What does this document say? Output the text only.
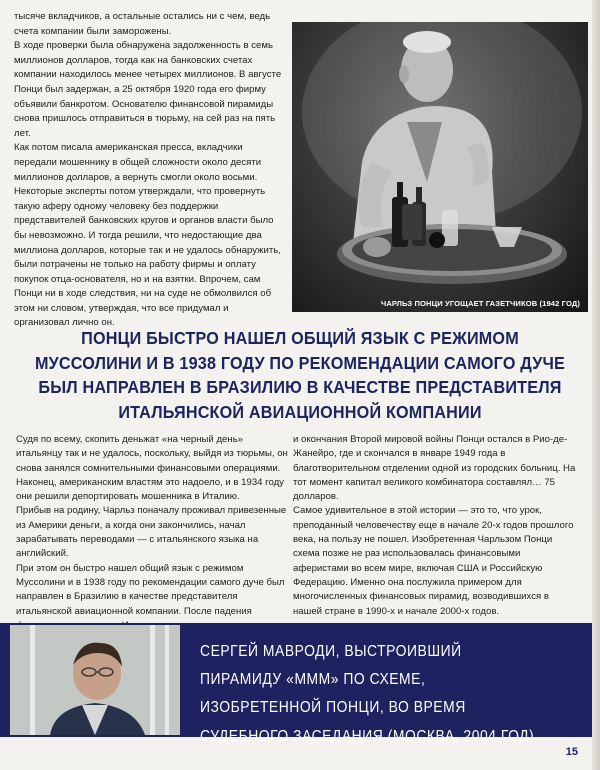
тысяче вкладчиков, а остальные остались ни с чем, ведь счета компании были заморожены.

В ходе проверки была обнаружена задолженность в семь миллионов долларов, тогда как на банковских счетах компании находилось менее четырех миллионов. В августе Понци был задержан, а 25 октября 1920 года его фирму объявили банкротом. Основателю финансовой пирамиды снова пришлось отправиться в тюрьму, на сей раз на пять лет.

Как потом писала американская пресса, вкладчики передали мошеннику в общей сложности около десяти миллионов долларов, а вернуть смогли около восьми. Некоторые эксперты потом утверждали, что провернуть такую аферу одному человеку без поддержки представителей банковских кругов и органов власти было бы невозможно. И тогда решили, что недостающие два миллиона долларов, которые так и не удалось обнаружить, были потрачены не только на работу фирмы и оплату покупок отца-основателя, но и на взятки. Впрочем, сам Понци ни в ходе следствия, ни на суде не обмолвился об этом ни словом, утверждая, что все придумал и организовал лично он.

ЧАРЛЬЗ ПОНЦИ УГОЩАЕТ ГАЗЕТЧИКОВ (1942 ГОД)
ПОНЦИ БЫСТРО НАШЕЛ ОБЩИЙ ЯЗЫК С РЕЖИМОМ МУССОЛИНИ И В 1938 ГОДУ ПО РЕКОМЕНДАЦИИ САМОГО ДУЧЕ БЫЛ НАПРАВЛЕН В БРАЗИЛИЮ В КАЧЕСТВЕ ПРЕДСТАВИТЕЛЯ ИТАЛЬЯНСКОЙ АВИАЦИОННОЙ КОМПАНИИ

Судя по всему, скопить деньжат «на черный день» итальянцу так и не удалось, поскольку, выйдя из тюрьмы, он снова занялся сомнительными финансовыми операциями. Наконец, американским властям это надоело, и в 1934 году они решили депортировать мошенника в Италию.

Прибыв на родину, Чарльз поначалу проживал привезенные из Америки деньги, а когда они закончились, начал зарабатывать переводами — с итальянского языка на английский.

При этом он быстро нашел общий язык с режимом Муссолини и в 1938 году по рекомендации самого дуче был направлен в Бразилию в качестве представителя итальянской авиационной компании. После падения

и окончания Второй мировой войны Понци остался в Рио-де-Жанейро, где и скончался в январе 1949 года в благотворительном отделении одной из городских больниц. На тот момент капитал великого комбинатора составлял… 75 долларов.

Самое удивительное в этой истории — это то, что урок, преподанный человечеству еще в начале 20-х годов прошлого века, на пользу не пошел. Изобретенная Чарльзом Понци схема позже не раз использовалась финансовыми аферистами во всем мире, включая США и Российскую Федерацию. Именно она послужила примером для многочисленных финансовых пирамид, возводившихся в нашей стране в 1990-х и начале 2000-х годов.

СЕРГЕЙ МАВРОДИ, ВЫСТРОИВШИЙ ПИРАМИДУ «МММ» ПО СХЕМЕ, ИЗОБРЕТЕННОЙ ПОНЦИ, ВО ВРЕМЯ СУДЕБНОГО ЗАСЕДАНИЯ (МОСКВА, 2004 ГОД)
15
